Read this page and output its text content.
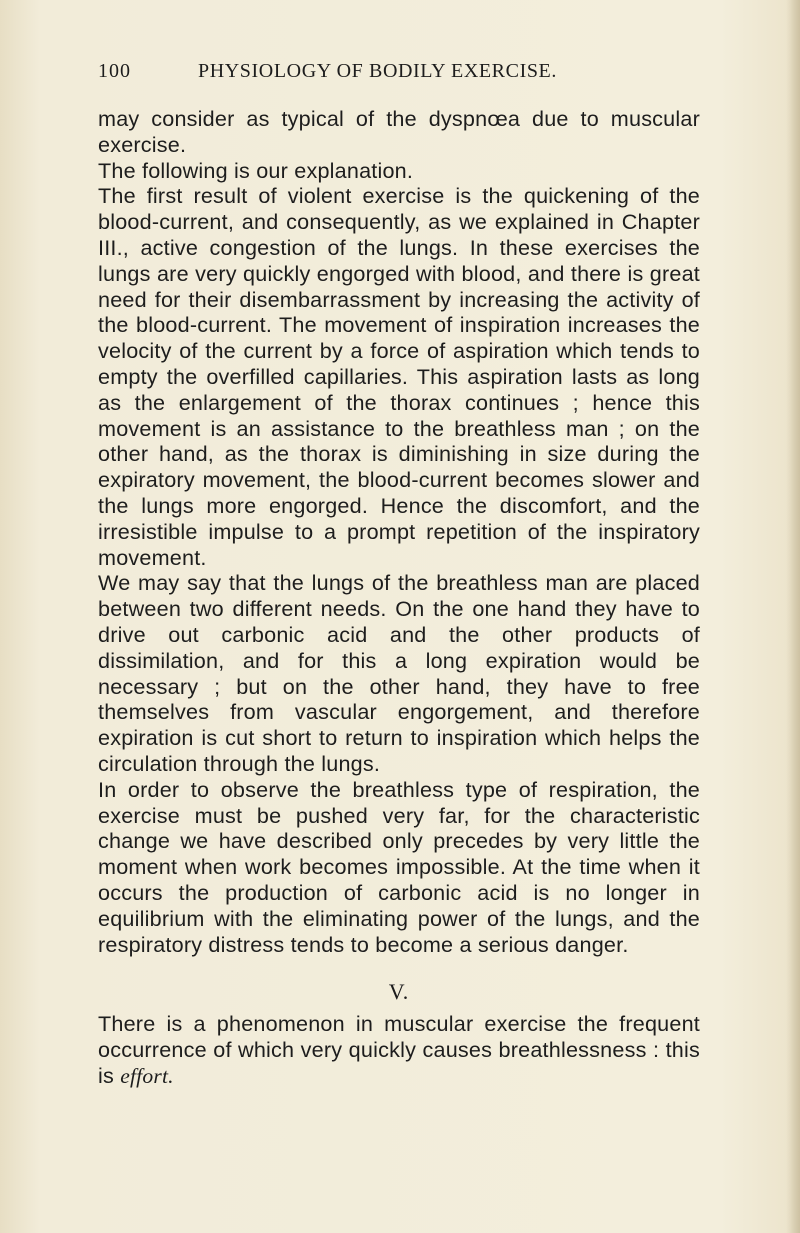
100	PHYSIOLOGY OF BODILY EXERCISE.

may consider as typical of the dyspnœa due to muscular exercise.

The following is our explanation.

The first result of violent exercise is the quickening of the blood-current, and consequently, as we explained in Chapter III., active congestion of the lungs. In these exercises the lungs are very quickly engorged with blood, and there is great need for their disembarrassment by increasing the activity of the blood-current. The movement of inspiration increases the velocity of the current by a force of aspiration which tends to empty the overfilled capillaries. This aspiration lasts as long as the enlargement of the thorax continues ; hence this movement is an assistance to the breathless man ; on the other hand, as the thorax is diminishing in size during the expiratory movement, the blood-current becomes slower and the lungs more engorged. Hence the discomfort, and the irresistible impulse to a prompt repetition of the inspiratory movement.

We may say that the lungs of the breathless man are placed between two different needs. On the one hand they have to drive out carbonic acid and the other products of dissimilation, and for this a long expiration would be necessary ; but on the other hand, they have to free themselves from vascular engorgement, and therefore expiration is cut short to return to inspiration which helps the circulation through the lungs.

In order to observe the breathless type of respiration, the exercise must be pushed very far, for the characteristic change we have described only precedes by very little the moment when work becomes impossible. At the time when it occurs the production of carbonic acid is no longer in equilibrium with the eliminating power of the lungs, and the respiratory distress tends to become a serious danger.

V.

There is a phenomenon in muscular exercise the frequent occurrence of which very quickly causes breathlessness : this is effort.
